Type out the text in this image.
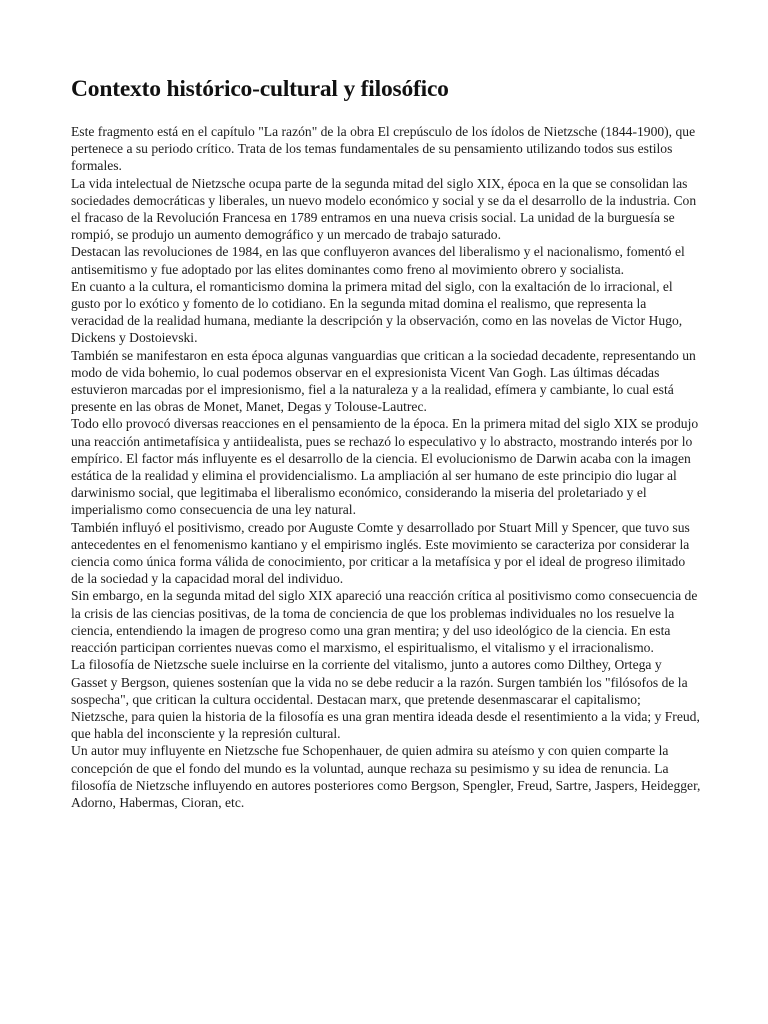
Contexto histórico-cultural y filosófico

Este fragmento está en el capítulo "La razón" de la obra El crepúsculo de los ídolos de Nietzsche (1844-1900), que pertenece a su periodo crítico. Trata de los temas fundamentales de su pensamiento utilizando todos sus estilos formales.

La vida intelectual de Nietzsche ocupa parte de la segunda mitad del siglo XIX, época en la que se consolidan las sociedades democráticas y liberales, un nuevo modelo económico y social y se da el desarrollo de la industria. Con el fracaso de la Revolución Francesa en 1789 entramos en una nueva crisis social. La unidad de la burguesía se rompió, se produjo un aumento demográfico y un mercado de trabajo saturado.

Destacan las revoluciones de 1984, en las que confluyeron avances del liberalismo y el nacionalismo, fomentó el antisemitismo y fue adoptado por las elites dominantes como freno al movimiento obrero y socialista.

En cuanto a la cultura, el romanticismo domina la primera mitad del siglo, con la exaltación de lo irracional, el gusto por lo exótico y fomento de lo cotidiano. En la segunda mitad domina el realismo, que representa la veracidad de la realidad humana, mediante la descripción y la observación, como en las novelas de Victor Hugo, Dickens y Dostoievski.

También se manifestaron en esta época algunas vanguardias que critican a la sociedad decadente, representando un modo de vida bohemio, lo cual podemos observar en el expresionista Vicent Van Gogh. Las últimas décadas estuvieron marcadas por el impresionismo, fiel a la naturaleza y a la realidad, efímera y cambiante, lo cual está presente en las obras de Monet, Manet, Degas y Tolouse-Lautrec.

Todo ello provocó diversas reacciones en el pensamiento de la época. En la primera mitad del siglo XIX se produjo una reacción antimetafísica y antiidealista, pues se rechazó lo especulativo y lo abstracto, mostrando interés por lo empírico. El factor más influyente es el desarrollo de la ciencia. El evolucionismo de Darwin acaba con la imagen estática de la realidad y elimina el providencialismo. La ampliación al ser humano de este principio dio lugar al darwinismo social, que legitimaba el liberalismo económico, considerando la miseria del proletariado y el imperialismo como consecuencia de una ley natural.

También influyó el positivismo, creado por Auguste Comte y desarrollado por Stuart Mill y Spencer, que tuvo sus antecedentes en el fenomenismo kantiano y el empirismo inglés. Este movimiento se caracteriza por considerar la ciencia como única forma válida de conocimiento, por criticar a la metafísica y por el ideal de progreso ilimitado de la sociedad y la capacidad moral del individuo.

Sin embargo, en la segunda mitad del siglo XIX apareció una reacción crítica al positivismo como consecuencia de la crisis de las ciencias positivas, de la toma de conciencia de que los problemas individuales no los resuelve la ciencia, entendiendo la imagen de progreso como una gran mentira; y del uso ideológico de la ciencia. En esta reacción participan corrientes nuevas como el marxismo, el espiritualismo, el vitalismo y el irracionalismo.

La filosofía de Nietzsche suele incluirse en la corriente del vitalismo, junto a autores como Dilthey, Ortega y Gasset y Bergson, quienes sostenían que la vida no se debe reducir a la razón. Surgen también los "filósofos de la sospecha", que critican la cultura occidental. Destacan marx, que pretende desenmascarar el capitalismo; Nietzsche, para quien la historia de la filosofía es una gran mentira ideada desde el resentimiento a la vida; y Freud, que habla del inconsciente y la represión cultural.

Un autor muy influyente en Nietzsche fue Schopenhauer, de quien admira su ateísmo y con quien comparte la concepción de que el fondo del mundo es la voluntad, aunque rechaza su pesimismo y su idea de renuncia. La filosofía de Nietzsche influyendo en autores posteriores como Bergson, Spengler, Freud, Sartre, Jaspers, Heidegger, Adorno, Habermas, Cioran, etc.
